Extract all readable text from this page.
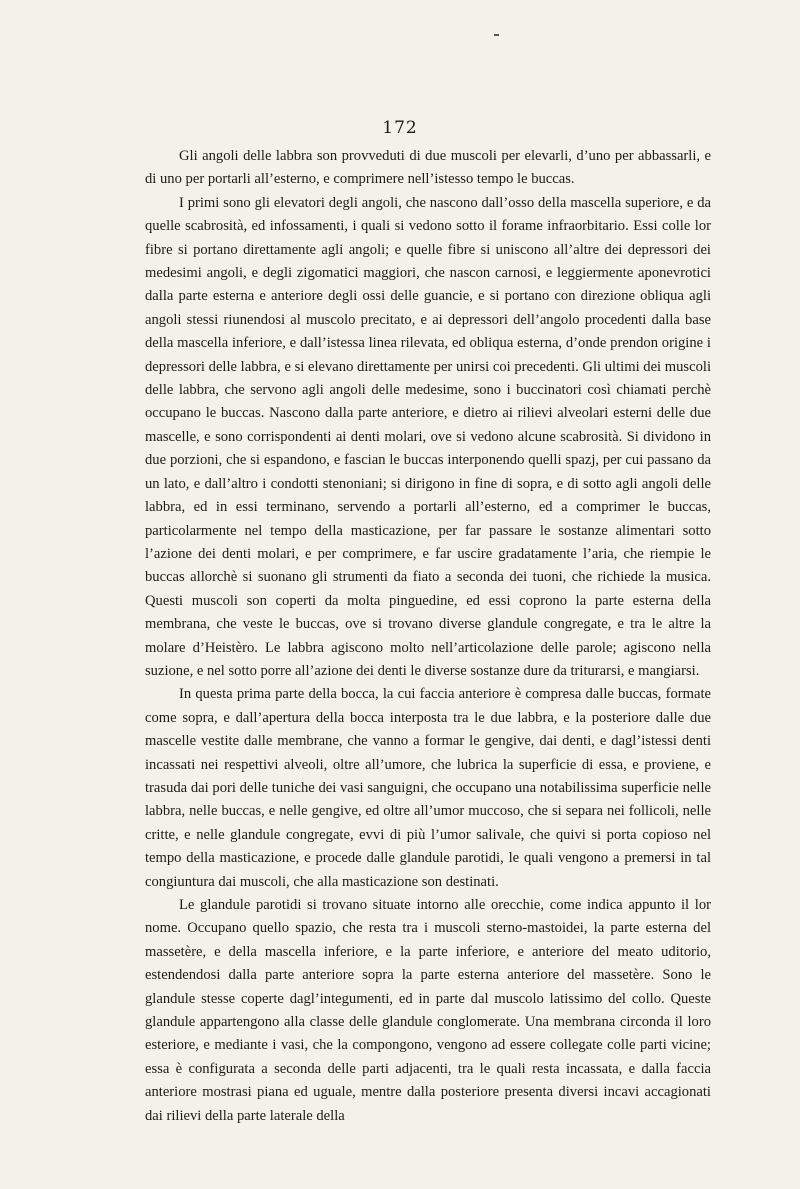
172

Gli angoli delle labbra son provveduti di due muscoli per elevarli, d’uno per abbassarli, e di uno per portarli all’esterno, e comprimere nell’istesso tempo le buccas.

I primi sono gli elevatori degli angoli, che nascono dall’osso della mascella superiore, e da quelle scabrosità, ed infossamenti, i quali si vedono sotto il forame infraorbitario. Essi colle lor fibre si portano direttamente agli angoli; e quelle fibre si uniscono all’altre dei depressori dei medesimi angoli, e degli zigomatici maggiori, che nascon carnosi, e leggiermente aponevrotici dalla parte esterna e anteriore degli ossi delle guancie, e si portano con direzione obliqua agli angoli stessi riunendosi al muscolo precitato, e ai depressori dell’angolo procedenti dalla base della mascella inferiore, e dall’istessa linea rilevata, ed obliqua esterna, d’onde prendon origine i depressori delle labbra, e si elevano direttamente per unirsi coi precedenti. Gli ultimi dei muscoli delle labbra, che servono agli angoli delle medesime, sono i buccinatori così chiamati perchè occupano le buccas. Nascono dalla parte anteriore, e dietro ai rilievi alveolari esterni delle due mascelle, e sono corrispondenti ai denti molari, ove si vedono alcune scabrosità. Si dividono in due porzioni, che si espandono, e fascian le buccas interponendo quelli spazj, per cui passano da un lato, e dall’altro i condotti stenoniani; si dirigono in fine di sopra, e di sotto agli angoli delle labbra, ed in essi terminano, servendo a portarli all’esterno, ed a comprimer le buccas, particolarmente nel tempo della masticazione, per far passare le sostanze alimentari sotto l’azione dei denti molari, e per comprimere, e far uscire gradatamente l’aria, che riempie le buccas allorchè si suonano gli strumenti da fiato a seconda dei tuoni, che richiede la musica. Questi muscoli son coperti da molta pinguedine, ed essi coprono la parte esterna della membrana, che veste le buccas, ove si trovano diverse glandule congregate, e tra le altre la molare d’Heistèro. Le labbra agiscono molto nell’articolazione delle parole; agiscono nella suzione, e nel sotto porre all’azione dei denti le diverse sostanze dure da triturarsi, e mangiarsi.

In questa prima parte della bocca, la cui faccia anteriore è compresa dalle buccas, formate come sopra, e dall’apertura della bocca interposta tra le due labbra, e la posteriore dalle due mascelle vestite dalle membrane, che vanno a formar le gengive, dai denti, e dagl’istessi denti incassati nei respettivi alveoli, oltre all’umore, che lubrica la superficie di essa, e proviene, e trasuda dai pori delle tuniche dei vasi sanguigni, che occupano una notabilissima superficie nelle labbra, nelle buccas, e nelle gengive, ed oltre all’umor muccoso, che si separa nei follicoli, nelle critte, e nelle glandule congregate, evvi di più l’umor salivale, che quivi si porta copioso nel tempo della masticazione, e procede dalle glandule parotidi, le quali vengono a premersi in tal congiuntura dai muscoli, che alla masticazione son destinati.

Le glandule parotidi si trovano situate intorno alle orecchie, come indica appunto il lor nome. Occupano quello spazio, che resta tra i muscoli sterno-mastoidei, la parte esterna del massetère, e della mascella inferiore, e la parte inferiore, e anteriore del meato uditorio, estendendosi dalla parte anteriore sopra la parte esterna anteriore del massetère. Sono le glandule stesse coperte dagl’integumenti, ed in parte dal muscolo latissimo del collo. Queste glandule appartengono alla classe delle glandule conglomerate. Una membrana circonda il loro esteriore, e mediante i vasi, che la compongono, vengono ad essere collegate colle parti vicine; essa è configurata a seconda delle parti adjacenti, tra le quali resta incassata, e dalla faccia anteriore mostrasi piana ed uguale, mentre dalla posteriore presenta diversi incavi accagionati dai rilievi della parte laterale della
